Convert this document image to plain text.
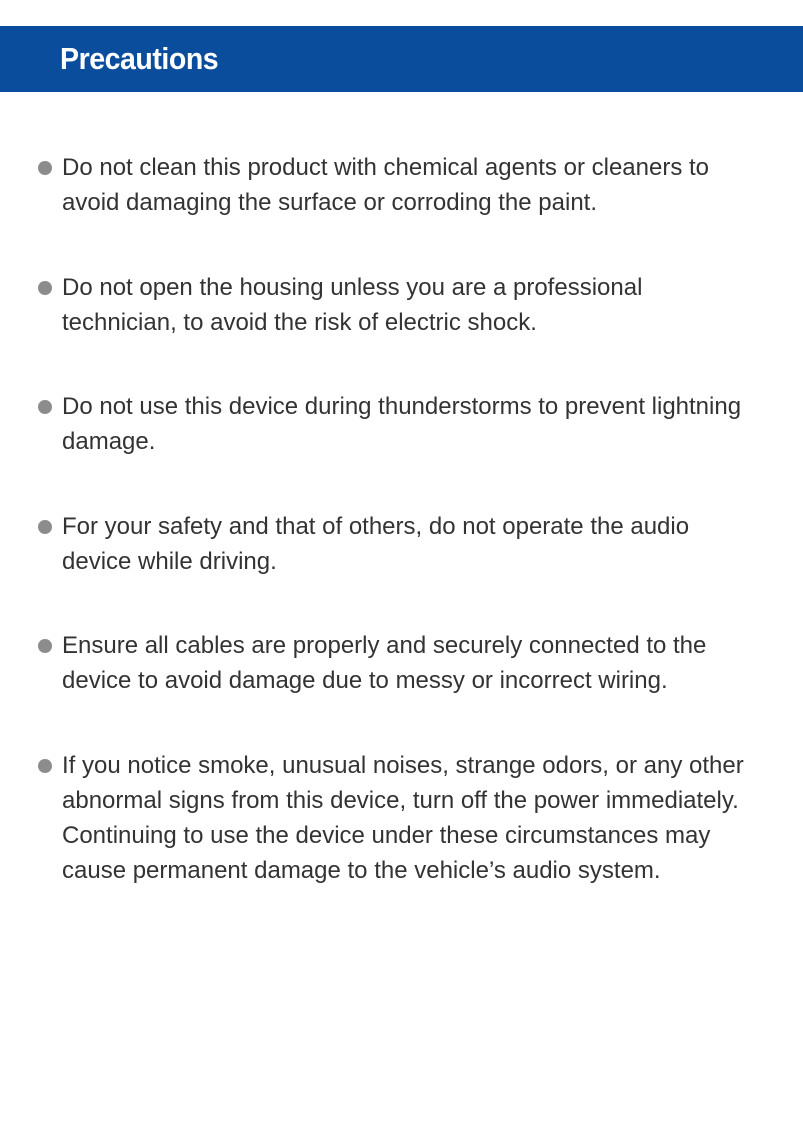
Precautions
Do not clean this product with chemical agents or cleaners to avoid damaging the surface or corroding the paint.
Do not open the housing unless you are a professional technician, to avoid the risk of electric shock.
Do not use this device during thunderstorms to prevent lightning damage.
For your safety and that of others, do not operate the audio device while driving.
Ensure all cables are properly and securely connected to the device to avoid damage due to messy or incorrect wiring.
If you notice smoke, unusual noises, strange odors, or any other abnormal signs from this device, turn off the power immediately. Continuing to use the device under these circumstances may cause permanent damage to the vehicle’s audio system.
